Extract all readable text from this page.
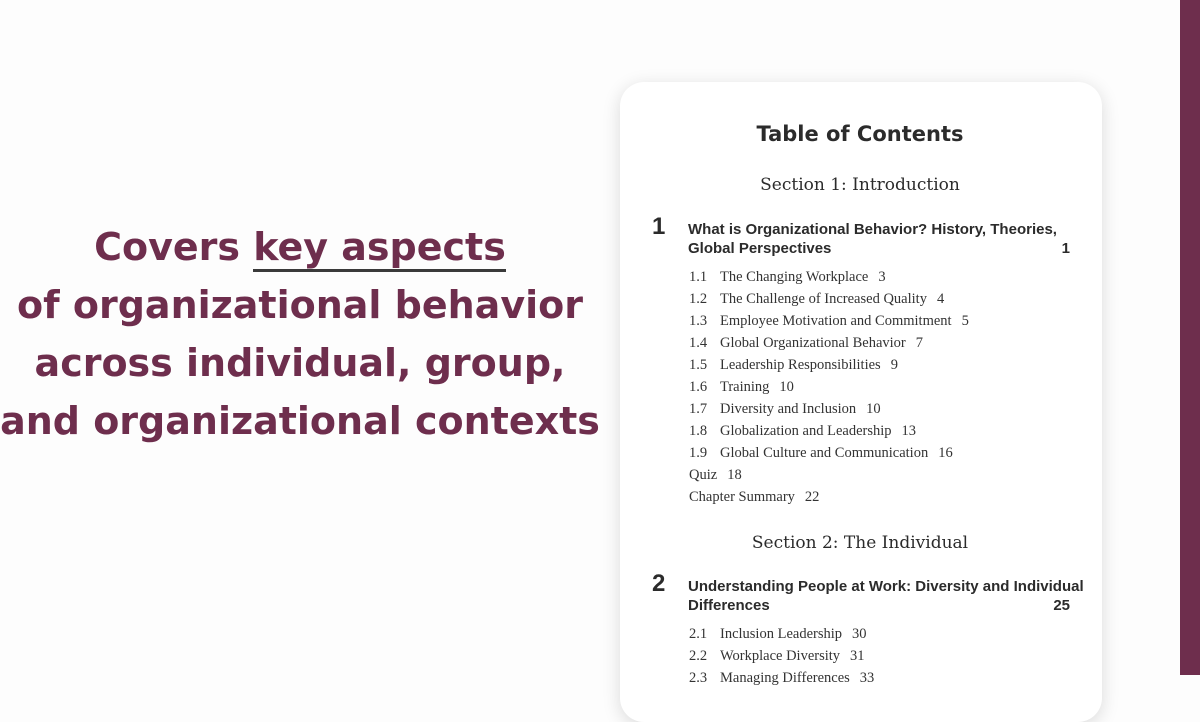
Covers key aspects
of organizational behavior
across individual, group,
and organizational contexts
Table of Contents
Section 1: Introduction
1 What is Organizational Behavior? History, Theories,
Global Perspectives	1
1.1 The Changing Workplace 3
1.2 The Challenge of Increased Quality 4
1.3 Employee Motivation and Commitment 5
1.4 Global Organizational Behavior 7
1.5 Leadership Responsibilities 9
1.6 Training 10
1.7 Diversity and Inclusion 10
1.8 Globalization and Leadership 13
1.9 Global Culture and Communication 16
Quiz 18
Chapter Summary 22
Section 2: The Individual
2 Understanding People at Work: Diversity and Individual
Differences	25
2.1 Inclusion Leadership 30
2.2 Workplace Diversity 31
2.3 Managing Differences 33
